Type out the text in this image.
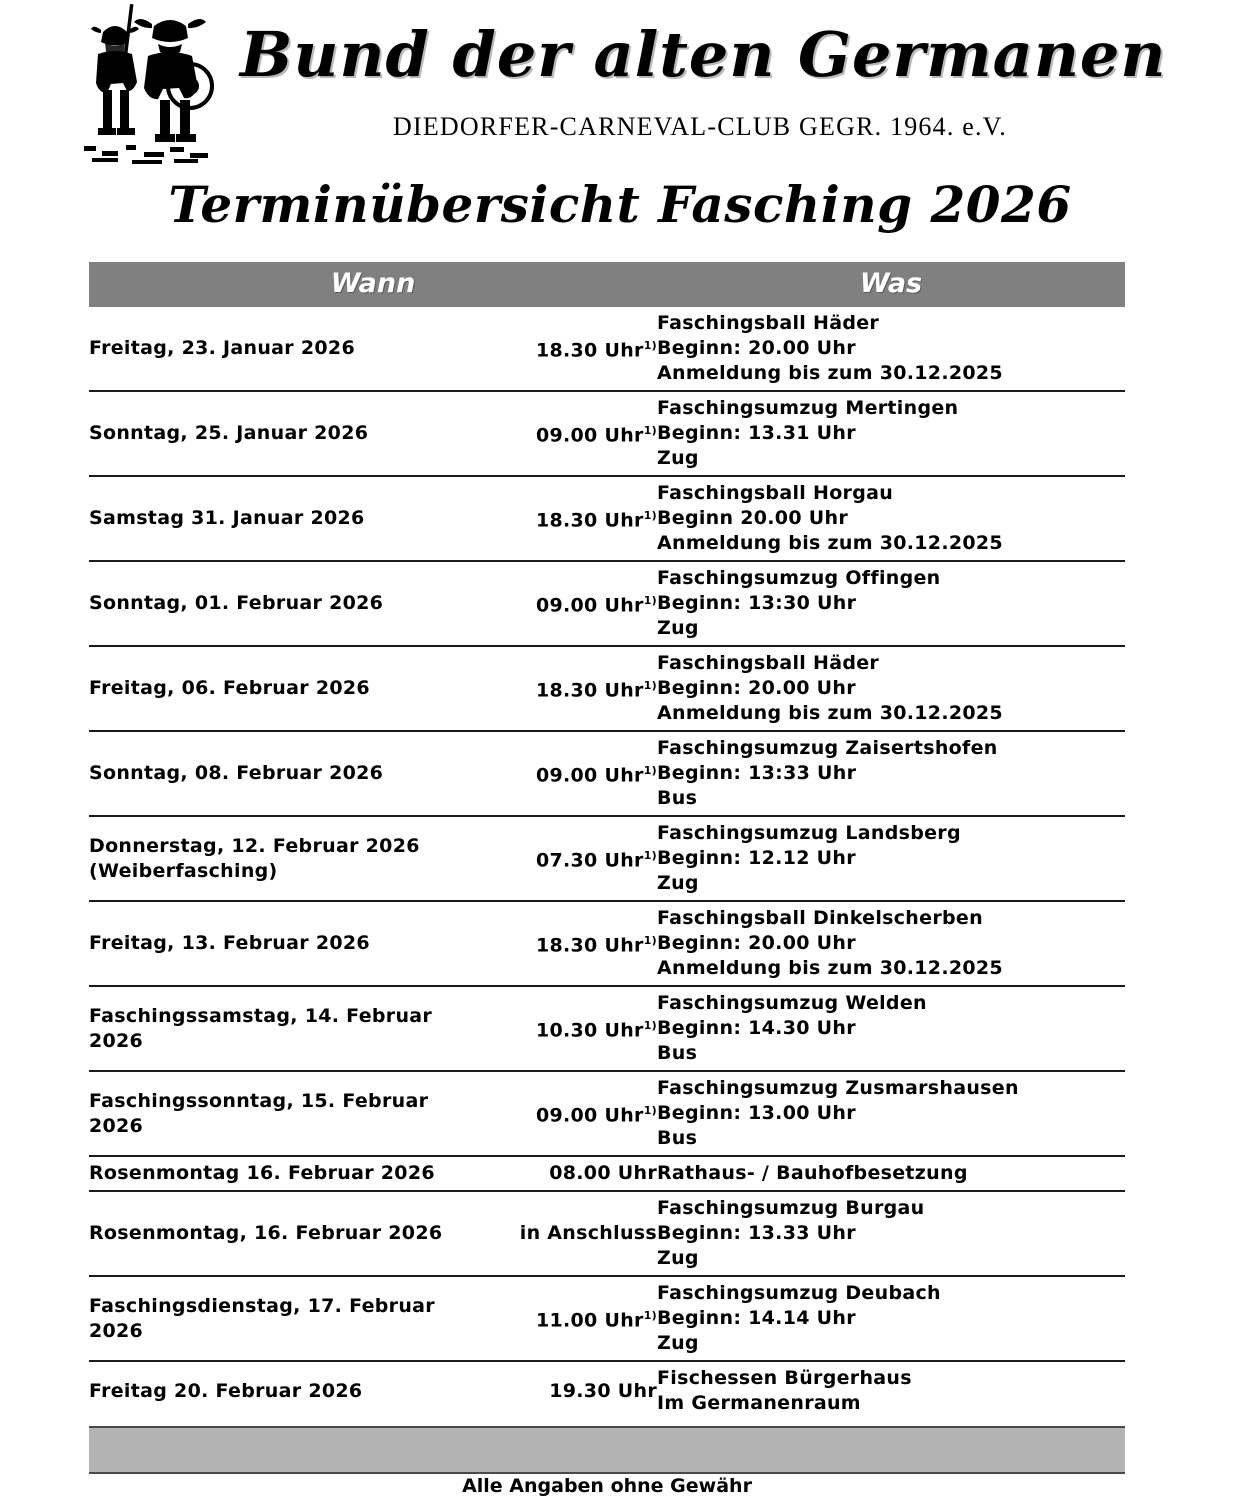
Bund der alten Germanen
DIEDORFER-CARNEVAL-CLUB GEGR. 1964. e.V.
Terminübersicht Fasching 2026
Wann		Was

Freitag, 23. Januar 2026	18.30 Uhr$^{1)}$	Faschingsball Häder
Beginn: 20.00 Uhr
Anmeldung bis zum 30.12.2025

Sonntag, 25. Januar 2026	09.00 Uhr$^{1)}$	Faschingsumzug Mertingen
Beginn: 13.31 Uhr
Zug

Samstag 31. Januar 2026	18.30 Uhr$^{1)}$	Faschingsball Horgau
Beginn 20.00 Uhr
Anmeldung bis zum 30.12.2025

Sonntag, 01. Februar 2026	09.00 Uhr$^{1)}$	Faschingsumzug Offingen
Beginn: 13:30 Uhr
Zug

Freitag, 06. Februar 2026	18.30 Uhr$^{1)}$	Faschingsball Häder
Beginn: 20.00 Uhr
Anmeldung bis zum 30.12.2025

Sonntag, 08. Februar 2026	09.00 Uhr$^{1)}$	Faschingsumzug Zaisertshofen
Beginn: 13:33 Uhr
Bus

Donnerstag, 12. Februar 2026
(Weiberfasching)	07.30 Uhr$^{1)}$	Faschingsumzug Landsberg
Beginn: 12.12 Uhr
Zug

Freitag, 13. Februar 2026	18.30 Uhr$^{1)}$	Faschingsball Dinkelscherben
Beginn: 20.00 Uhr
Anmeldung bis zum 30.12.2025

Faschingssamstag, 14. Februar 2026	10.30 Uhr$^{1)}$	Faschingsumzug Welden
Beginn: 14.30 Uhr
Bus

Faschingssonntag, 15. Februar 2026	09.00 Uhr$^{1)}$	Faschingsumzug Zusmarshausen
Beginn: 13.00 Uhr
Bus

Rosenmontag 16. Februar 2026	08.00 Uhr	Rathaus- / Bauhofbesetzung

Rosenmontag, 16. Februar 2026	in Anschluss	Faschingsumzug Burgau
Beginn: 13.33 Uhr
Zug

Faschingsdienstag, 17. Februar 2026	11.00 Uhr$^{1)}$	Faschingsumzug Deubach
Beginn: 14.14 Uhr
Zug

Freitag 20. Februar 2026	19.30 Uhr	Fischessen Bürgerhaus
Im Germanenraum
Alle Angaben ohne Gewähr
